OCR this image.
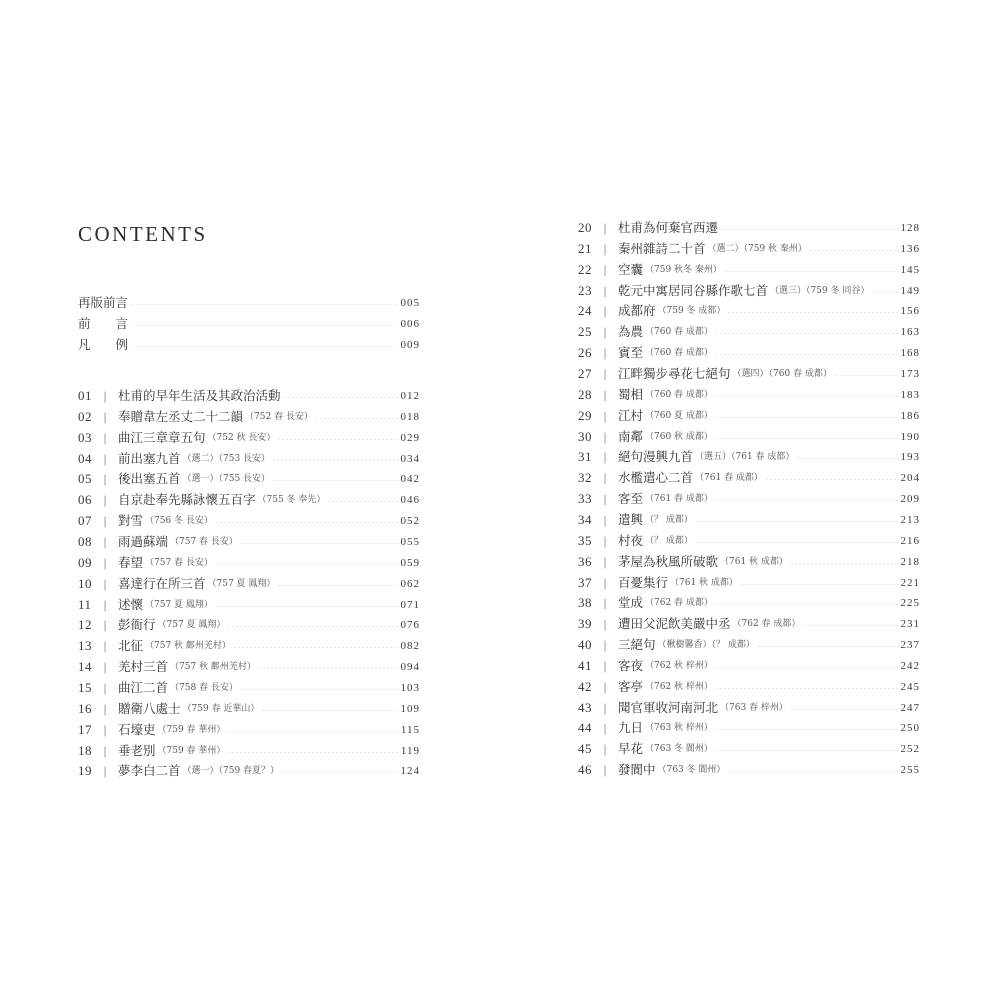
CONTENTS
再版前言	005
前 言	006
凡 例	009
01 | 杜甫的早年生活及其政治活動	012
02 | 奉贈韋左丞丈二十二韻 （752 春 長安）	018
03 | 曲江三章章五句 （752 秋 長安）	029
04 | 前出塞九首 （選二）（753 長安）	034
05 | 後出塞五首 （選一）（755 長安）	042
06 | 自京赴奉先縣詠懷五百字 （755 冬 奉先）	046
07 | 對雪 （756 冬 長安）	052
08 | 雨過蘇端 （757 春 長安）	055
09 | 春望 （757 春 長安）	059
10 | 喜達行在所三首 （757 夏 鳳翔）	062
11 | 述懷 （757 夏 鳳翔）	071
12 | 彭衙行 （757 夏 鳳翔）	076
13 | 北征 （757 秋 鄜州羌村）	082
14 | 羌村三首 （757 秋 鄜州羌村）	094
15 | 曲江二首 （758 春 長安）	103
16 | 贈衛八處士 （759 春 近華山）	109
17 | 石壕吏 （759 春 華州）	115
18 | 垂老別 （759 春 華州）	119
19 | 夢李白二首 （選一）（759 春夏？）	124
20 | 杜甫為何棄官西遷	128
21 | 秦州雜詩二十首 （選二）（759 秋 秦州）	136
22 | 空囊 （759 秋冬 秦州）	145
23 | 乾元中寓居同谷縣作歌七首 （選三）（759 冬 同谷）	149
24 | 成都府 （759 冬 成都）	156
25 | 為農 （760 春 成都）	163
26 | 賓至 （760 春 成都）	168
27 | 江畔獨步尋花七絕句 （選四）（760 春 成都）	173
28 | 蜀相 （760 春 成都）	183
29 | 江村 （760 夏 成都）	186
30 | 南鄰 （760 秋 成都）	190
31 | 絕句漫興九首 （選五）（761 春 成都）	193
32 | 水檻遣心二首 （761 春 成都）	204
33 | 客至 （761 春 成都）	209
34 | 遣興 （？ 成都）	213
35 | 村夜 （？ 成都）	216
36 | 茅屋為秋風所破歌 （761 秋 成都）	218
37 | 百憂集行 （761 秋 成都）	221
38 | 堂成 （762 春 成都）	225
39 | 遭田父泥飲美嚴中丞 （762 春 成都）	231
40 | 三絕句 （楸樹馨香）（？ 成都）	237
41 | 客夜 （762 秋 梓州）	242
42 | 客亭 （762 秋 梓州）	245
43 | 聞官軍收河南河北 （763 春 梓州）	247
44 | 九日 （763 秋 梓州）	250
45 | 早花 （763 冬 閬州）	252
46 | 發閬中 （763 冬 閬州）	255
